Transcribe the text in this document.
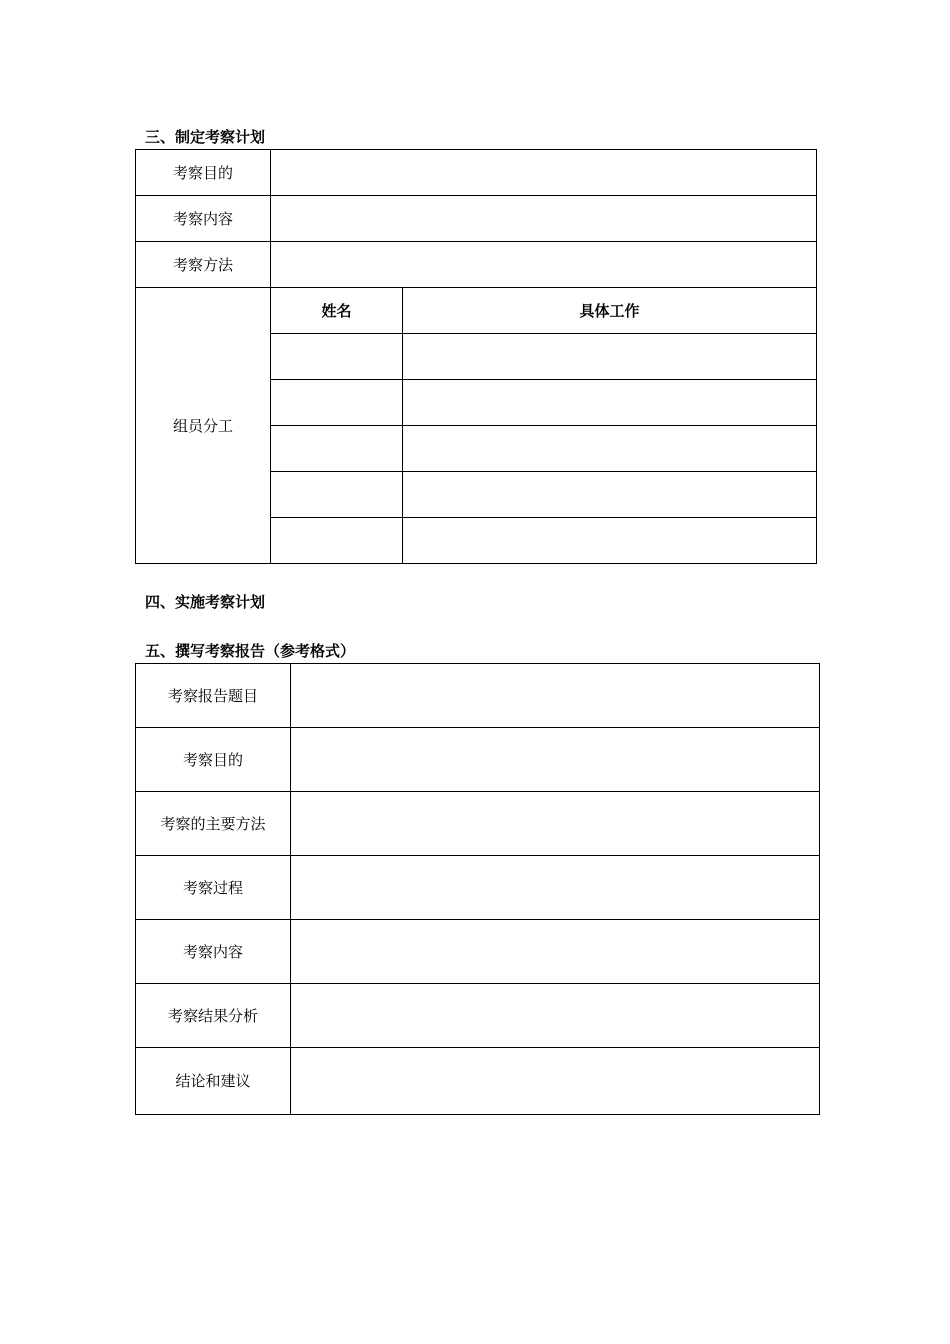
三、制定考察计划
考察目的		
考察内容		
考察方法		
组员分工	姓名	具体工作

四、实施考察计划
五、撰写考察报告（参考格式）
考察报告题目	
考察目的	
考察的主要方法	
考察过程	
考察内容	
考察结果分析	
结论和建议	
